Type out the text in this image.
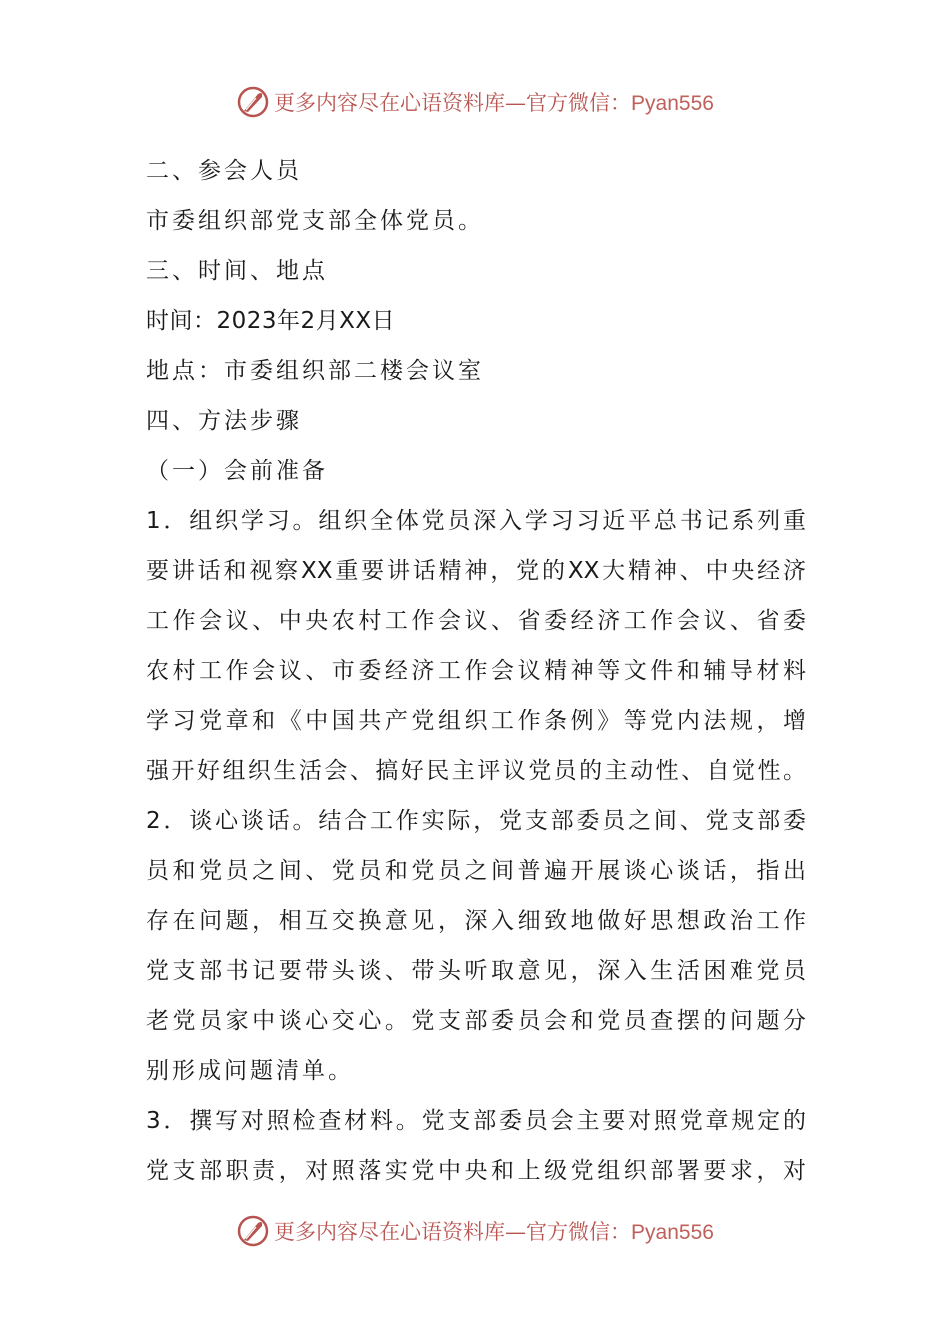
更多内容尽在心语资料库—官方微信：Pyan556
二、参会人员
市委组织部党支部全体党员。
三、时间、地点
时间：2023年2月XX日
地点：市委组织部二楼会议室
四、方法步骤
（一）会前准备
1．组织学习。组织全体党员深入学习习近平总书记系列重
要讲话和视察XX重要讲话精神，党的XX大精神、中央经济
工作会议、中央农村工作会议、省委经济工作会议、省委
农村工作会议、市委经济工作会议精神等文件和辅导材料
学习党章和《中国共产党组织工作条例》等党内法规，增
强开好组织生活会、搞好民主评议党员的主动性、自觉性。
2．谈心谈话。结合工作实际，党支部委员之间、党支部委
员和党员之间、党员和党员之间普遍开展谈心谈话，指出
存在问题，相互交换意见，深入细致地做好思想政治工作
党支部书记要带头谈、带头听取意见，深入生活困难党员
老党员家中谈心交心。党支部委员会和党员查摆的问题分
别形成问题清单。
3．撰写对照检查材料。党支部委员会主要对照党章规定的
党支部职责，对照落实党中央和上级党组织部署要求，对
更多内容尽在心语资料库—官方微信：Pyan556
